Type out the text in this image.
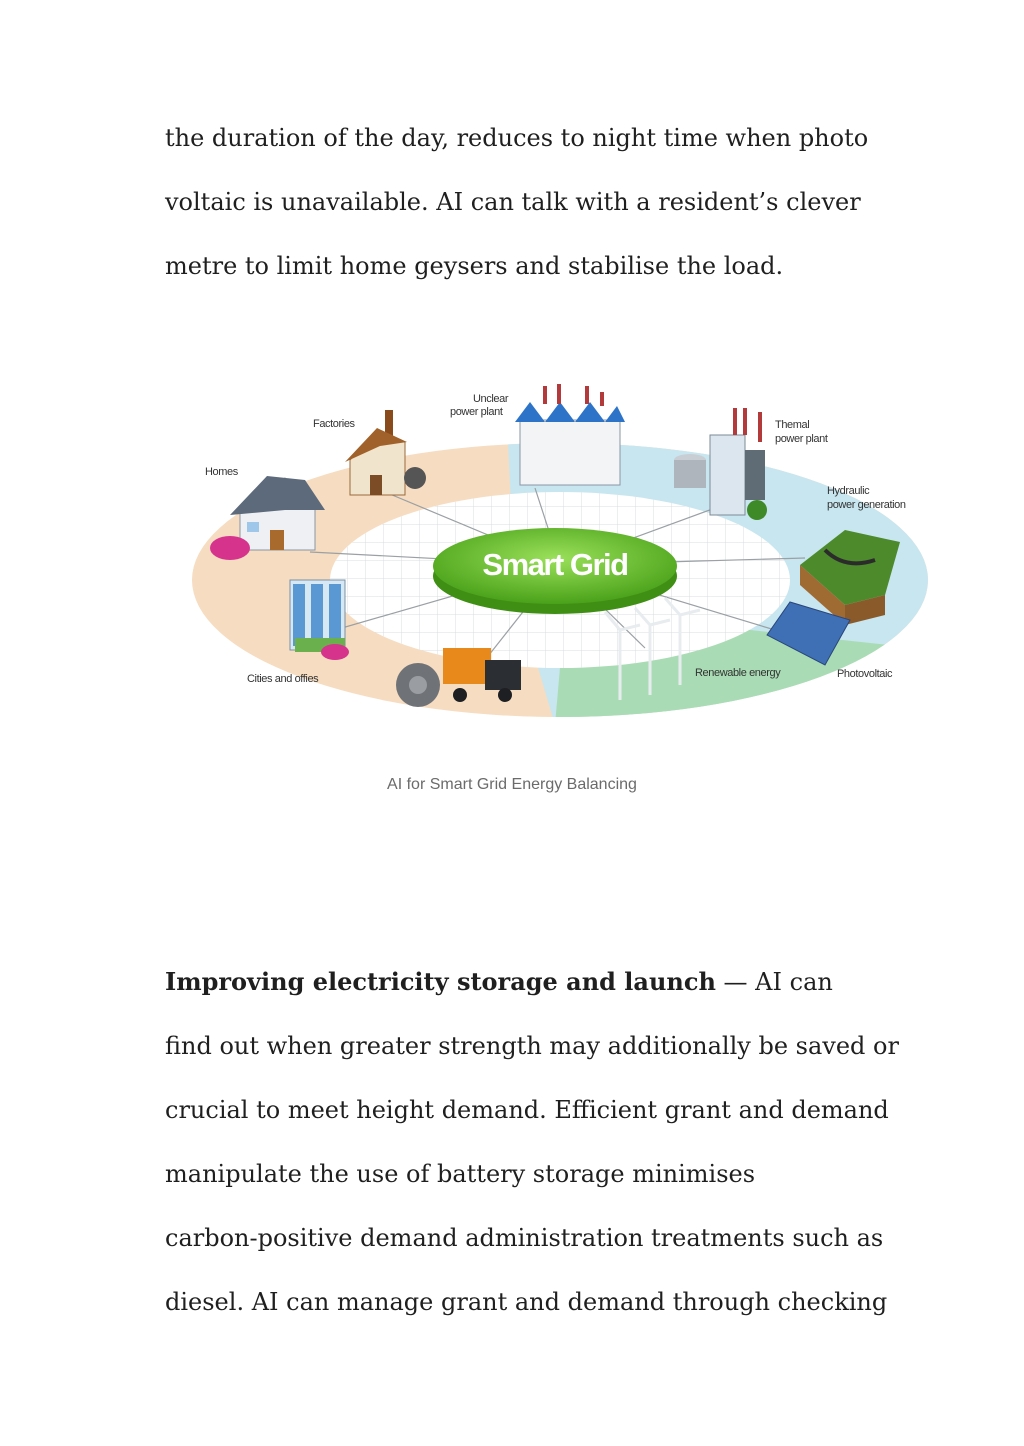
the duration of the day, reduces to night time when photo
voltaic is unavailable. AI can talk with a resident’s clever
metre to limit home geysers and stabilise the load.
Smart Grid
Homes
Factories
Unclear
power plant
Themal
power plant
Hydraulic
power generation
Photovoltaic
Renewable energy
Cities and offies
AI for Smart Grid Energy Balancing
Improving electricity storage and launch — AI can
find out when greater strength may additionally be saved or
crucial to meet height demand. Efficient grant and demand
manipulate the use of battery storage minimises
carbon-positive demand administration treatments such as
diesel. AI can manage grant and demand through checking
